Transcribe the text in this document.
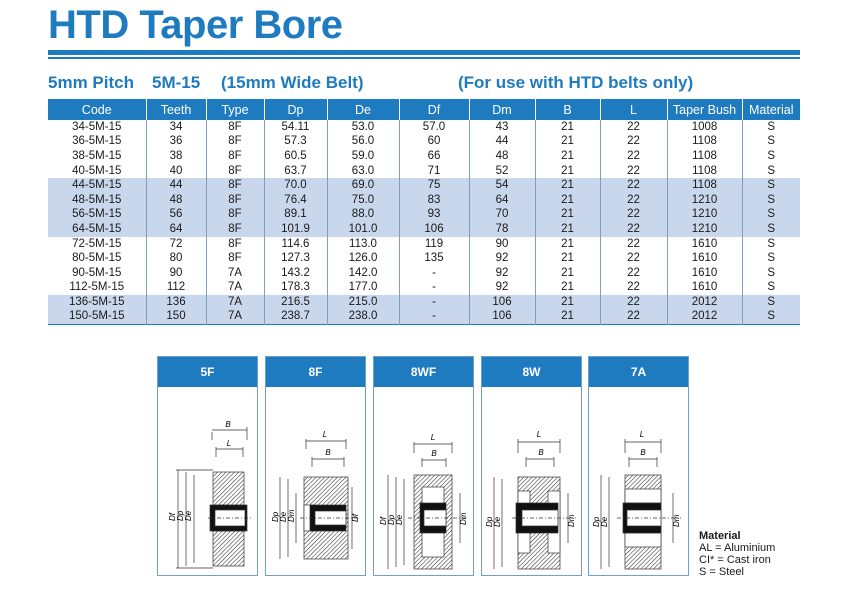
HTD Taper Bore
5mm Pitch 5M-15 (15mm Wide Belt)	(For use with HTD belts only)
Code	Teeth	Type	Dp	De	Df	Dm	B	L	Taper Bush	Material
34-5M-15	34	8F	54.11	53.0	57.0	43	21	22	1008	S
36-5M-15	36	8F	57.3	56.0	60	44	21	22	1108	S
38-5M-15	38	8F	60.5	59.0	66	48	21	22	1108	S
40-5M-15	40	8F	63.7	63.0	71	52	21	22	1108	S
44-5M-15	44	8F	70.0	69.0	75	54	21	22	1108	S
48-5M-15	48	8F	76.4	75.0	83	64	21	22	1210	S
56-5M-15	56	8F	89.1	88.0	93	70	21	22	1210	S
64-5M-15	64	8F	101.9	101.0	106	78	21	22	1210	S
72-5M-15	72	8F	114.6	113.0	119	90	21	22	1610	S
80-5M-15	80	8F	127.3	126.0	135	92	21	22	1610	S
90-5M-15	90	7A	143.2	142.0	-	92	21	22	1610	S
112-5M-15	112	7A	178.3	177.0	-	92	21	22	1610	S
136-5M-15	136	7A	216.5	215.0	-	106	21	22	2012	S
150-5M-15	150	7A	238.7	238.0	-	106	21	22	2012	S
5F
B
L
Df Dp De
8F
L
B
Dp De Dm	Df
8WF
L
B
Df Dp De	Dm
8W
L
B
Dp De	Dm
7A
L
B
Dp De	Dm
Material
AL = Aluminium
CI* = Cast iron
S = Steel
